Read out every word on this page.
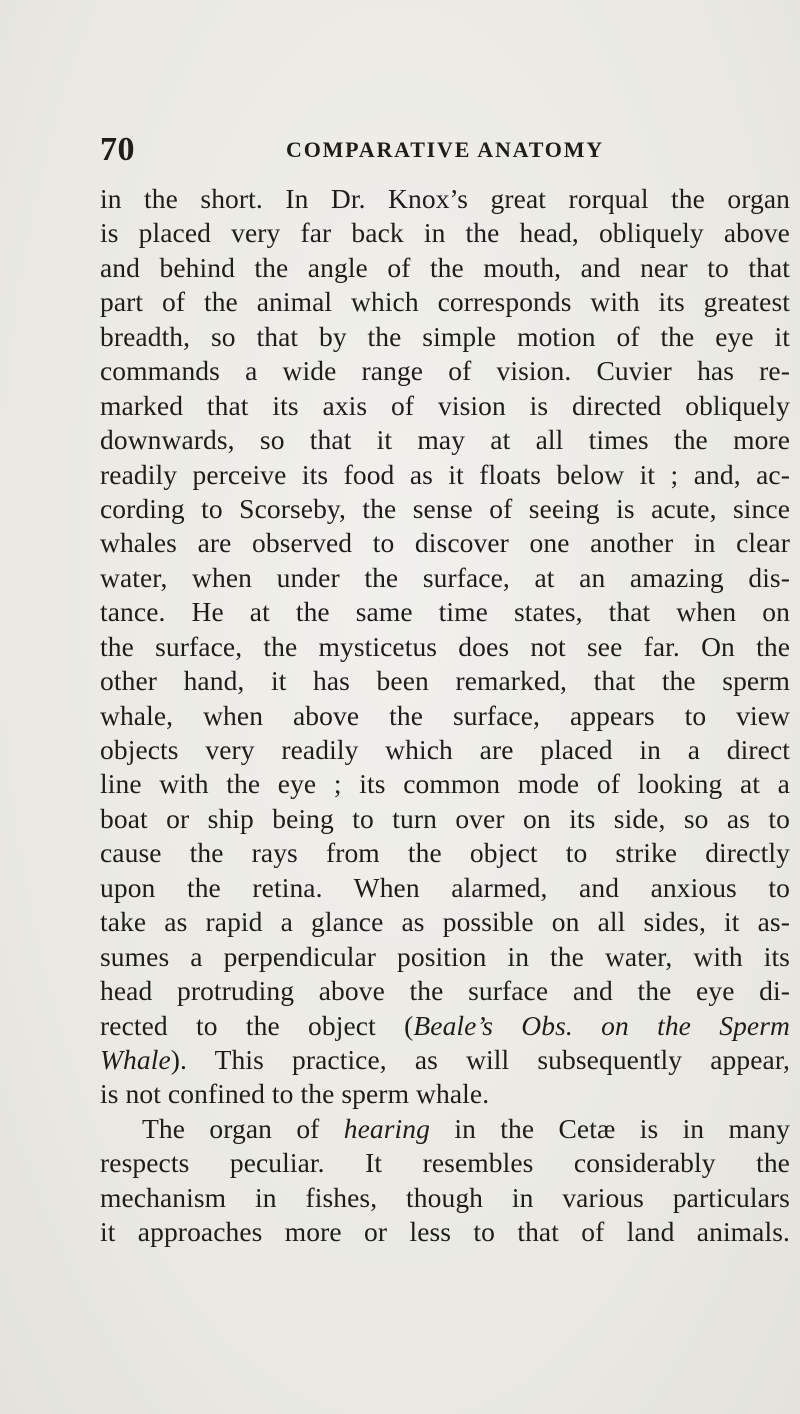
70	COMPARATIVE ANATOMY
in the short. In Dr. Knox’s great rorqual the organ
is placed very far back in the head, obliquely above
and behind the angle of the mouth, and near to that
part of the animal which corresponds with its greatest
breadth, so that by the simple motion of the eye it
commands a wide range of vision. Cuvier has re-
marked that its axis of vision is directed obliquely
downwards, so that it may at all times the more
readily perceive its food as it floats below it ; and, ac-
cording to Scorseby, the sense of seeing is acute, since
whales are observed to discover one another in clear
water, when under the surface, at an amazing dis-
tance. He at the same time states, that when on
the surface, the mysticetus does not see far. On the
other hand, it has been remarked, that the sperm
whale, when above the surface, appears to view
objects very readily which are placed in a direct
line with the eye ; its common mode of looking at a
boat or ship being to turn over on its side, so as to
cause the rays from the object to strike directly
upon the retina. When alarmed, and anxious to
take as rapid a glance as possible on all sides, it as-
sumes a perpendicular position in the water, with its
head protruding above the surface and the eye di-
rected to the object (Beale’s Obs. on the Sperm
Whale). This practice, as will subsequently appear,
is not confined to the sperm whale.
The organ of hearing in the Cetæ is in many
respects peculiar. It resembles considerably the
mechanism in fishes, though in various particulars
it approaches more or less to that of land animals.
